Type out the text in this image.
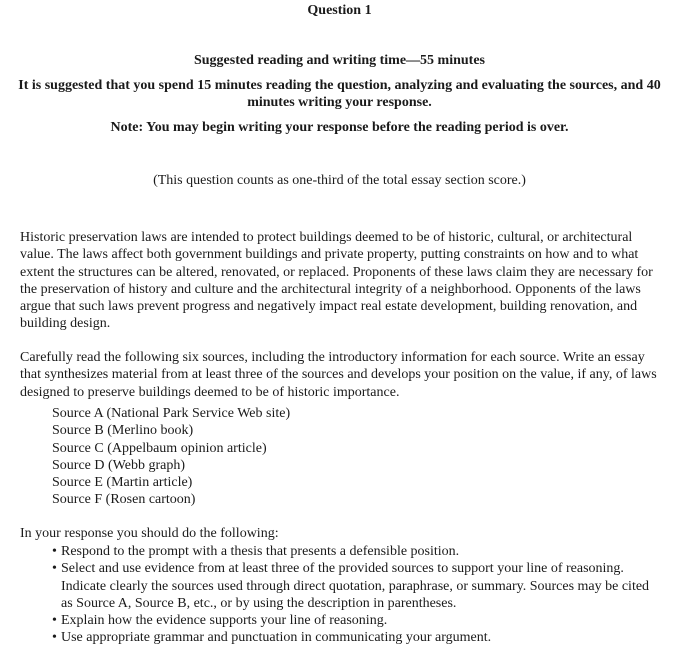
Question 1
Suggested reading and writing time—55 minutes
It is suggested that you spend 15 minutes reading the question, analyzing and evaluating the sources, and 40 minutes writing your response.
Note: You may begin writing your response before the reading period is over.
(This question counts as one-third of the total essay section score.)
Historic preservation laws are intended to protect buildings deemed to be of historic, cultural, or architectural value. The laws affect both government buildings and private property, putting constraints on how and to what extent the structures can be altered, renovated, or replaced. Proponents of these laws claim they are necessary for the preservation of history and culture and the architectural integrity of a neighborhood. Opponents of the laws argue that such laws prevent progress and negatively impact real estate development, building renovation, and building design.
Carefully read the following six sources, including the introductory information for each source. Write an essay that synthesizes material from at least three of the sources and develops your position on the value, if any, of laws designed to preserve buildings deemed to be of historic importance.
Source A (National Park Service Web site)
Source B (Merlino book)
Source C (Appelbaum opinion article)
Source D (Webb graph)
Source E (Martin article)
Source F (Rosen cartoon)
In your response you should do the following:
• Respond to the prompt with a thesis that presents a defensible position.
• Select and use evidence from at least three of the provided sources to support your line of reasoning. Indicate clearly the sources used through direct quotation, paraphrase, or summary. Sources may be cited as Source A, Source B, etc., or by using the description in parentheses.
• Explain how the evidence supports your line of reasoning.
• Use appropriate grammar and punctuation in communicating your argument.
